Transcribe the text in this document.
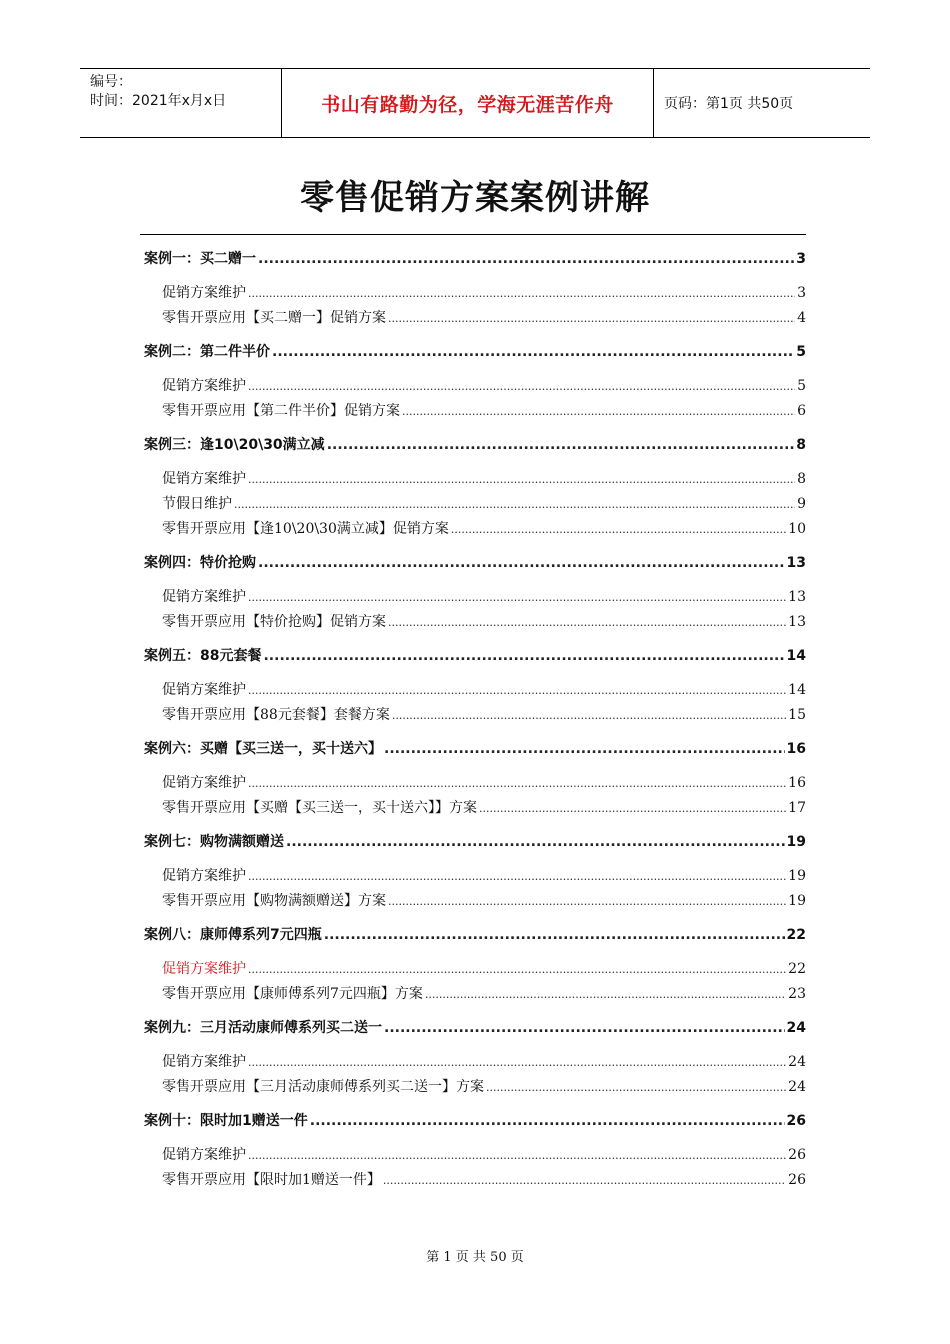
编号：
时间：2021年x月x日	书山有路勤为径，学海无涯苦作舟	页码：第1页 共50页
零售促销方案案例讲解
案例一：买二赠一 .....	3
促销方案维护 .....	3
零售开票应用【买二赠一】促销方案 .....	4
案例二：第二件半价 .....	5
促销方案维护 .....	5
零售开票应用【第二件半价】促销方案 .....	6
案例三：逢10\20\30满立减 .....	8
促销方案维护 .....	8
节假日维护 .....	9
零售开票应用【逢10\20\30满立减】促销方案 .....	10
案例四：特价抢购 .....	13
促销方案维护 .....	13
零售开票应用【特价抢购】促销方案 .....	13
案例五：88元套餐 .....	14
促销方案维护 .....	14
零售开票应用【88元套餐】套餐方案 .....	15
案例六：买赠【买三送一，买十送六】 .....	16
促销方案维护 .....	16
零售开票应用【买赠【买三送一，买十送六】】方案 .....	17
案例七：购物满额赠送 .....	19
促销方案维护 .....	19
零售开票应用【购物满额赠送】方案 .....	19
案例八：康师傅系列7元四瓶 .....	22
促销方案维护 .....	22
零售开票应用【康师傅系列7元四瓶】方案 .....	23
案例九：三月活动康师傅系列买二送一 .....	24
促销方案维护 .....	24
零售开票应用【三月活动康师傅系列买二送一】方案 .....	24
案例十：限时加1赠送一件 .....	26
促销方案维护 .....	26
零售开票应用【限时加1赠送一件】 .....	26
第 1 页 共 50 页
